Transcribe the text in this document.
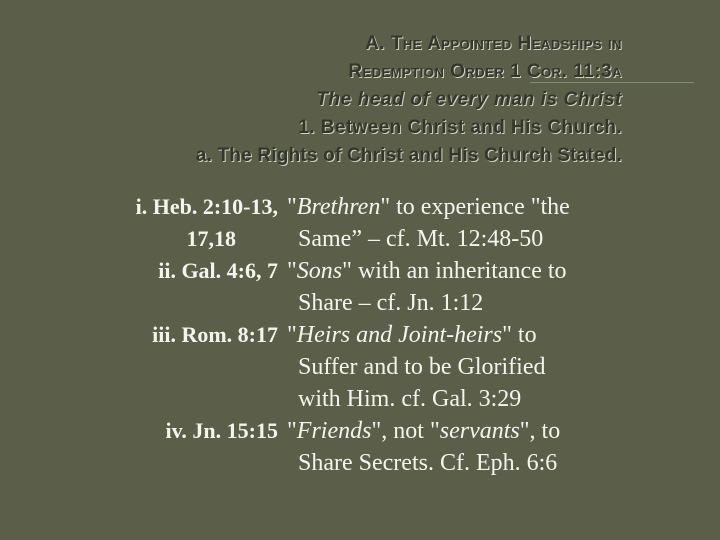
A. The Appointed Headships in
Redemption Order 1 Cor. 11:3a
The head of every man is Christ
1. Between Christ and His Church.
a. The Rights of Christ and His Church Stated.
i. Heb. 2:10-13, "Brethren" to experience "the
17,18	Same” – cf. Mt. 12:48-50
ii. Gal. 4:6, 7 "Sons" with an inheritance to
Share – cf. Jn. 1:12
iii. Rom. 8:17 "Heirs and Joint-heirs" to
Suffer and to be Glorified
with Him. cf. Gal. 3:29
iv. Jn. 15:15 "Friends", not "servants", to
Share Secrets. Cf. Eph. 6:6
